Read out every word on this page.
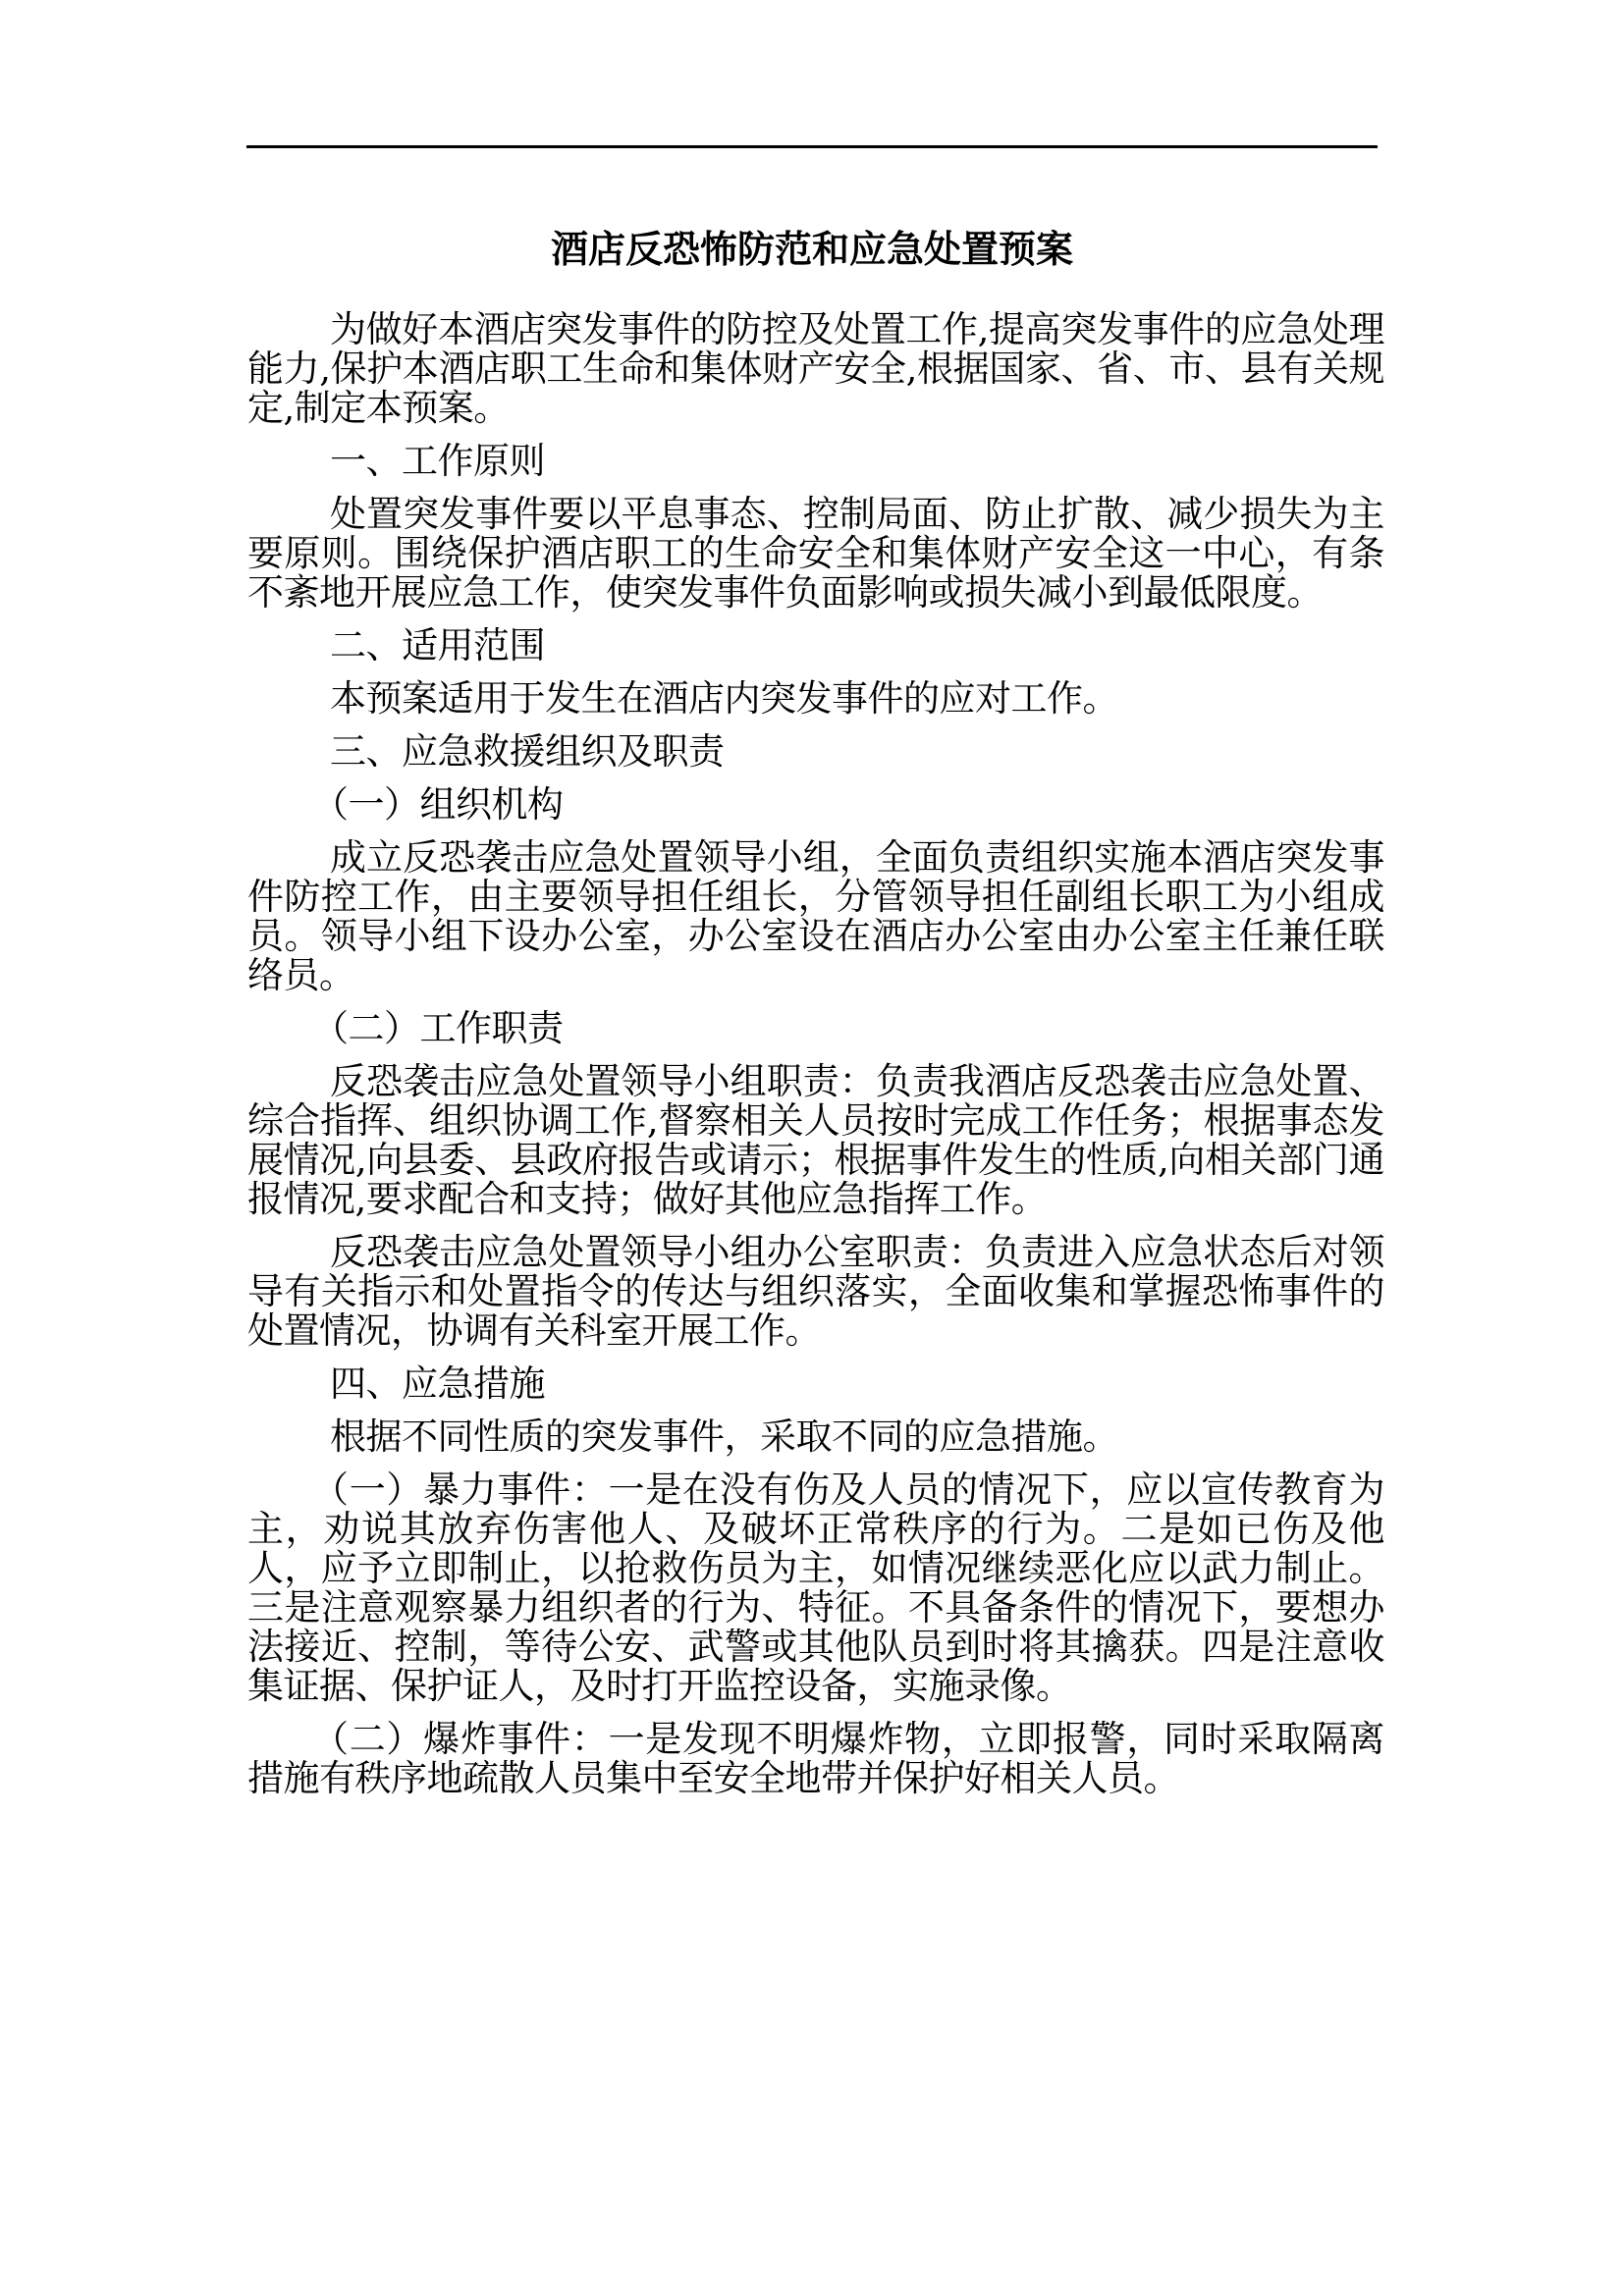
酒店反恐怖防范和应急处置预案

为做好本酒店突发事件的防控及处置工作,提高突发事件的应急处理能力,保护本酒店职工生命和集体财产安全,根据国家、省、市、县有关规定,制定本预案。

一、工作原则

处置突发事件要以平息事态、控制局面、防止扩散、减少损失为主要原则。围绕保护酒店职工的生命安全和集体财产安全这一中心，有条不紊地开展应急工作，使突发事件负面影响或损失减小到最低限度。

二、适用范围

本预案适用于发生在酒店内突发事件的应对工作。

三、应急救援组织及职责

（一）组织机构

成立反恐袭击应急处置领导小组，全面负责组织实施本酒店突发事件防控工作，由主要领导担任组长，分管领导担任副组长职工为小组成员。领导小组下设办公室，办公室设在酒店办公室由办公室主任兼任联络员。

（二）工作职责

反恐袭击应急处置领导小组职责：负责我酒店反恐袭击应急处置、综合指挥、组织协调工作,督察相关人员按时完成工作任务；根据事态发展情况,向县委、县政府报告或请示；根据事件发生的性质,向相关部门通报情况,要求配合和支持；做好其他应急指挥工作。

反恐袭击应急处置领导小组办公室职责：负责进入应急状态后对领导有关指示和处置指令的传达与组织落实，全面收集和掌握恐怖事件的处置情况，协调有关科室开展工作。

四、应急措施

根据不同性质的突发事件，采取不同的应急措施。

（一）暴力事件：一是在没有伤及人员的情况下，应以宣传教育为主，劝说其放弃伤害他人、及破坏正常秩序的行为。二是如已伤及他人，应予立即制止，以抢救伤员为主，如情况继续恶化应以武力制止。三是注意观察暴力组织者的行为、特征。不具备条件的情况下，要想办法接近、控制，等待公安、武警或其他队员到时将其擒获。四是注意收集证据、保护证人，及时打开监控设备，实施录像。

（二）爆炸事件：一是发现不明爆炸物，立即报警，同时采取隔离措施有秩序地疏散人员集中至安全地带并保护好相关人员。
